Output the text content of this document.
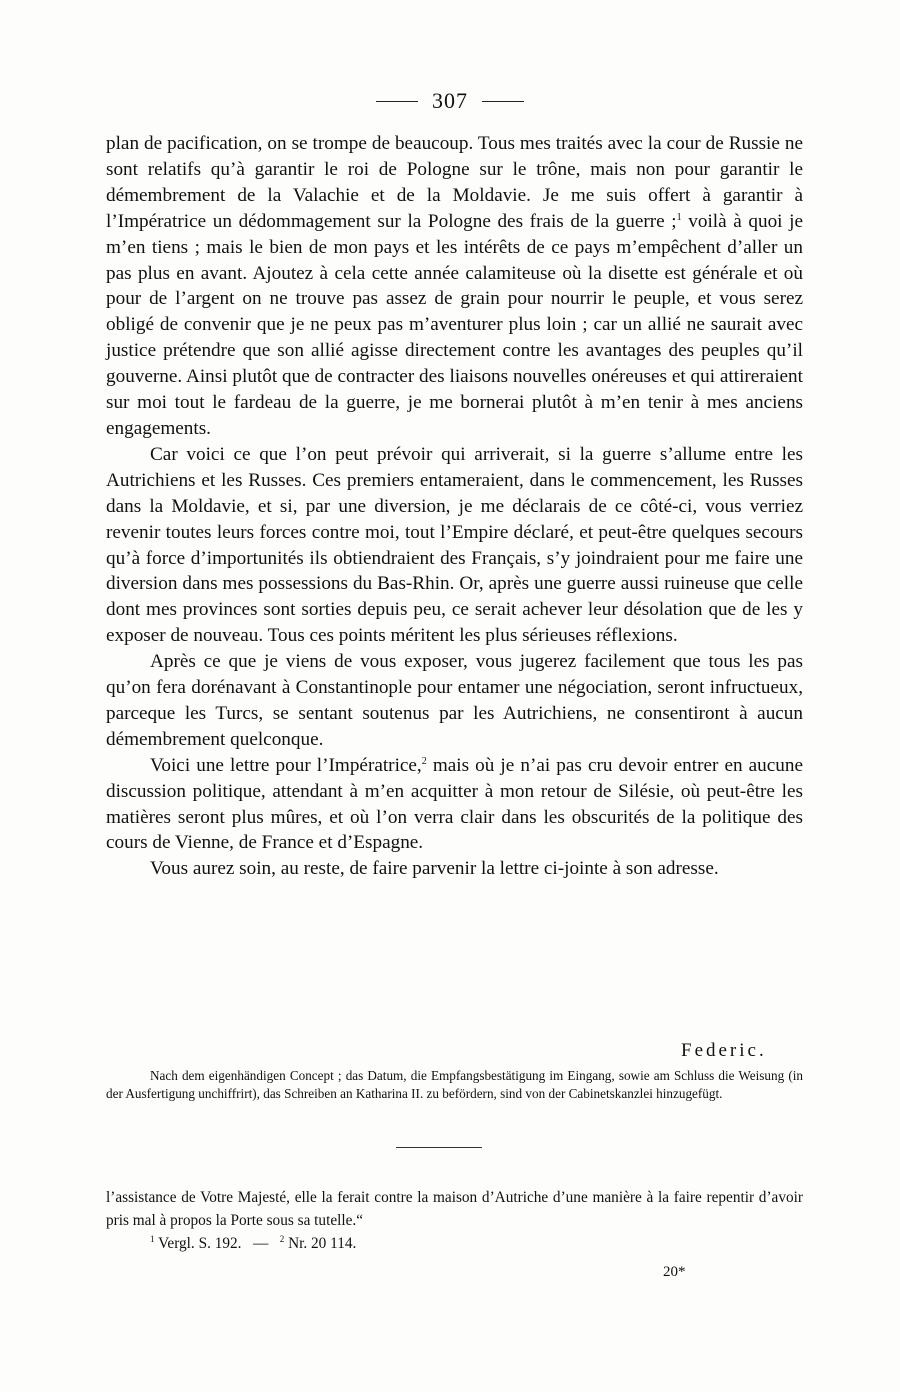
307

plan de pacification, on se trompe de beaucoup. Tous mes traités avec la cour de Russie ne sont relatifs qu’à garantir le roi de Pologne sur le trône, mais non pour garantir le démembrement de la Valachie et de la Moldavie. Je me suis offert à garantir à l’Impératrice un dédommagement sur la Pologne des frais de la guerre ;$^1$ voilà à quoi je m’en tiens ; mais le bien de mon pays et les intérêts de ce pays m’empêchent d’aller un pas plus en avant. Ajoutez à cela cette année calamiteuse où la disette est générale et où pour de l’argent on ne trouve pas assez de grain pour nourrir le peuple, et vous serez obligé de convenir que je ne peux pas m’aventurer plus loin ; car un allié ne saurait avec justice prétendre que son allié agisse directement contre les avantages des peuples qu’il gouverne. Ainsi plutôt que de contracter des liaisons nouvelles onéreuses et qui attireraient sur moi tout le fardeau de la guerre, je me bornerai plutôt à m’en tenir à mes anciens engagements.

Car voici ce que l’on peut prévoir qui arriverait, si la guerre s’allume entre les Autrichiens et les Russes. Ces premiers entameraient, dans le commencement, les Russes dans la Moldavie, et si, par une diversion, je me déclarais de ce côté-ci, vous verriez revenir toutes leurs forces contre moi, tout l’Empire déclaré, et peut-être quelques secours qu’à force d’importunités ils obtiendraient des Français, s’y joindraient pour me faire une diversion dans mes possessions du Bas-Rhin. Or, après une guerre aussi ruineuse que celle dont mes provinces sont sorties depuis peu, ce serait achever leur désolation que de les y exposer de nouveau. Tous ces points méritent les plus sérieuses réflexions.

Après ce que je viens de vous exposer, vous jugerez facilement que tous les pas qu’on fera dorénavant à Constantinople pour entamer une négociation, seront infructueux, parceque les Turcs, se sentant soutenus par les Autrichiens, ne consentiront à aucun démembrement quelconque.

Voici une lettre pour l’Impératrice,$^2$ mais où je n’ai pas cru devoir entrer en aucune discussion politique, attendant à m’en acquitter à mon retour de Silésie, où peut-être les matières seront plus mûres, et où l’on verra clair dans les obscurités de la politique des cours de Vienne, de France et d’Espagne.

Vous aurez soin, au reste, de faire parvenir la lettre ci-jointe à son adresse.

Federic.

Nach dem eigenhändigen Concept ; das Datum, die Empfangsbestätigung im Eingang, sowie am Schluss die Weisung (in der Ausfertigung unchiffrirt), das Schreiben an Katharina II. zu befördern, sind von der Cabinetskanzlei hinzugefügt.

l’assistance de Votre Majesté, elle la ferait contre la maison d’Autriche d’une manière à la faire repentir d’avoir pris mal à propos la Porte sous sa tutelle.“

$^1$ Vergl. S. 192. — $^2$ Nr. 20 114.

20*
